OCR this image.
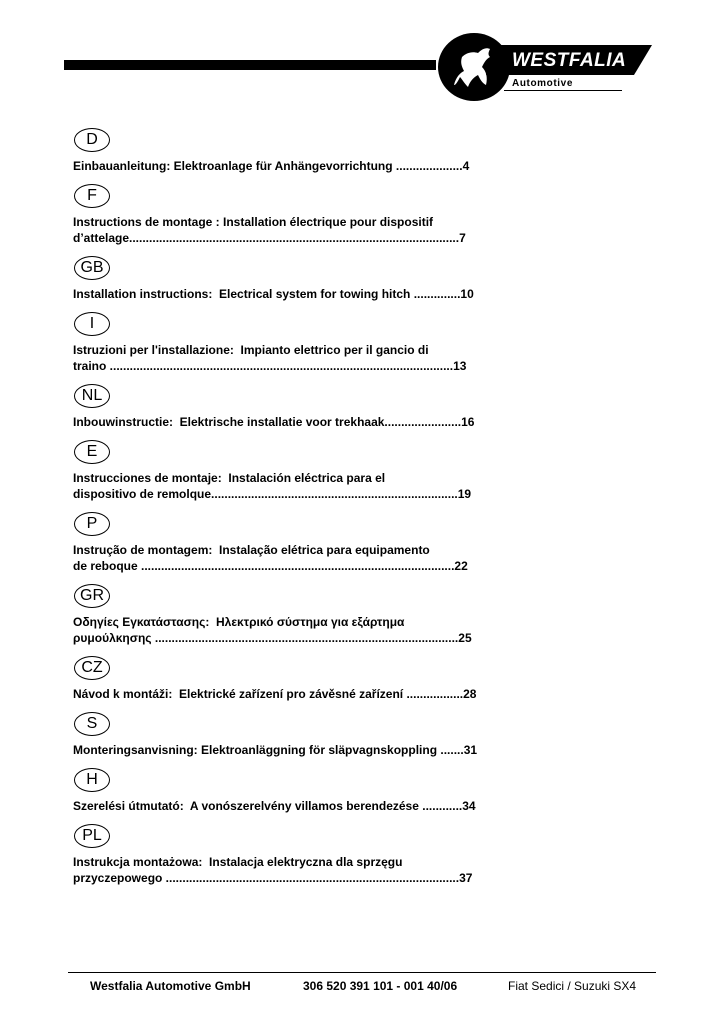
WESTFALIA
Automotive
D
Einbauanleitung: Elektroanlage für Anhängevorrichtung ....................4
F
Instructions de montage : Installation électrique pour dispositif
d’attelage...................................................................................................7
GB
Installation instructions:  Electrical system for towing hitch ..............10
I
Istruzioni per l'installazione:  Impianto elettrico per il gancio di
traino .......................................................................................................13
NL
Inbouwinstructie:  Elektrische installatie voor trekhaak.......................16
E
Instrucciones de montaje:  Instalación eléctrica para el
dispositivo de remolque..........................................................................19
P
Instrução de montagem:  Instalação elétrica para equipamento
de reboque ..............................................................................................22
GR
Οδηγίες Εγκατάστασης:  Ηλεκτρικό σύστημα για εξάρτημα
ρυμούλκησης ...........................................................................................25
CZ
Návod k montáži:  Elektrické zařízení pro závěsné zařízení .................28
S
Monteringsanvisning: Elektroanläggning för släpvagnskoppling .......31
H
Szerelési útmutató:  A vonószerelvény villamos berendezése ............34
PL
Instrukcja montażowa:  Instalacja elektryczna dla sprzęgu
przyczepowego ........................................................................................37
Westfalia Automotive GmbH	306 520 391 101 - 001 40/06	Fiat Sedici / Suzuki SX4
